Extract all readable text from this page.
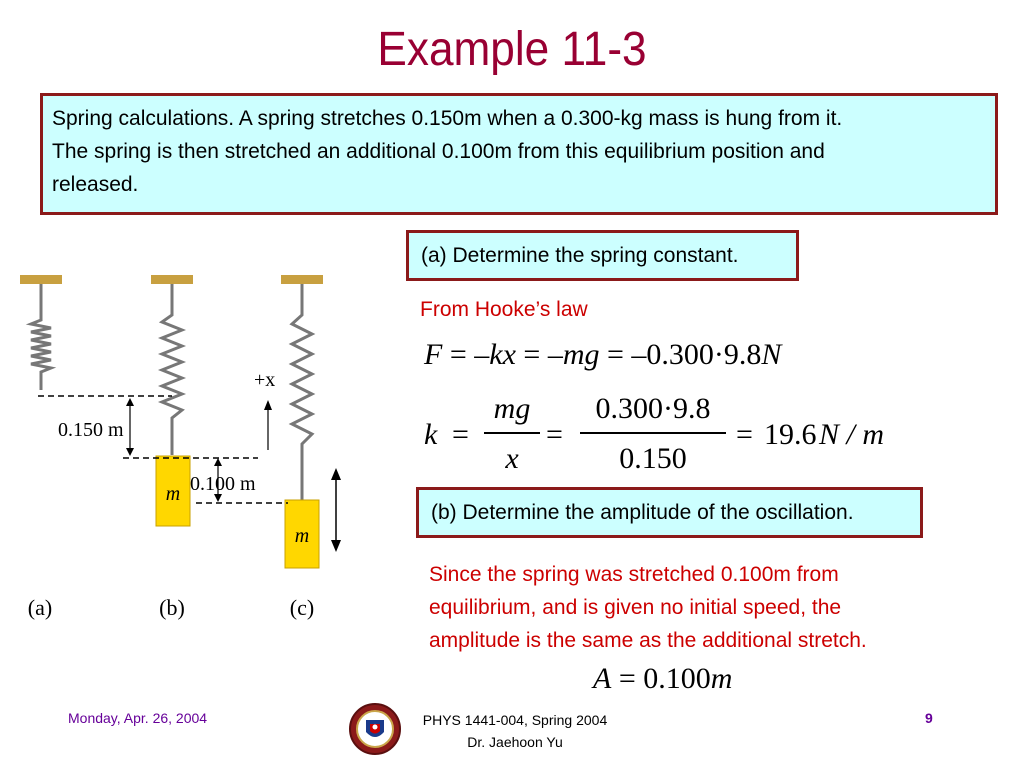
Example 11-3
Spring calculations. A spring stretches 0.150m when a 0.300-kg mass is hung from it.
The spring is then stretched an additional 0.100m from this equilibrium position and
released.
(a) Determine the spring constant.
From Hooke’s law
F = –kx = –mg = –0.300·9.8N
k =
mg
x
=
0.300·9.8
0.150
= 19.6 N / m
(b) Determine the amplitude of the oscillation.
Since the spring was stretched 0.100m from
equilibrium, and is given no initial speed, the
amplitude is the same as the additional stretch.
A = 0.100m
m
m
0.150 m
0.100 m
+x
(a)	(b)	(c)
Monday, Apr. 26, 2004	PHYS 1441-004, Spring 2004
Dr. Jaehoon Yu
9
